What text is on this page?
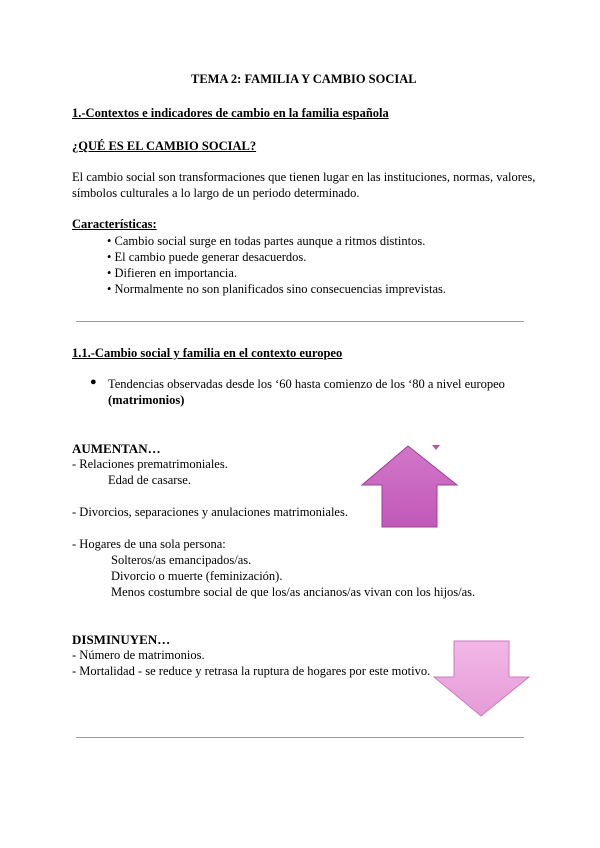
TEMA 2: FAMILIA Y CAMBIO SOCIAL
1.-Contextos e indicadores de cambio en la familia española
¿QUÉ ES EL CAMBIO SOCIAL?
El cambio social son transformaciones que tienen lugar en las instituciones, normas, valores,
símbolos culturales a lo largo de un periodo determinado.
Características:
• Cambio social surge en todas partes aunque a ritmos distintos.
• El cambio puede generar desacuerdos.
• Difieren en importancia.
• Normalmente no son planificados sino consecuencias imprevistas.
1.1.-Cambio social y familia en el contexto europeo
● Tendencias observadas desde los ‘60 hasta comienzo de los ‘80 a nivel europeo
(matrimonios)
AUMENTAN…
- Relaciones prematrimoniales.
Edad de casarse.
- Divorcios, separaciones y anulaciones matrimoniales.
- Hogares de una sola persona:
Solteros/as emancipados/as.
Divorcio o muerte (feminización).
Menos costumbre social de que los/as ancianos/as vivan con los hijos/as.
DISMINUYEN…
- Número de matrimonios.
- Mortalidad - se reduce y retrasa la ruptura de hogares por este motivo.
